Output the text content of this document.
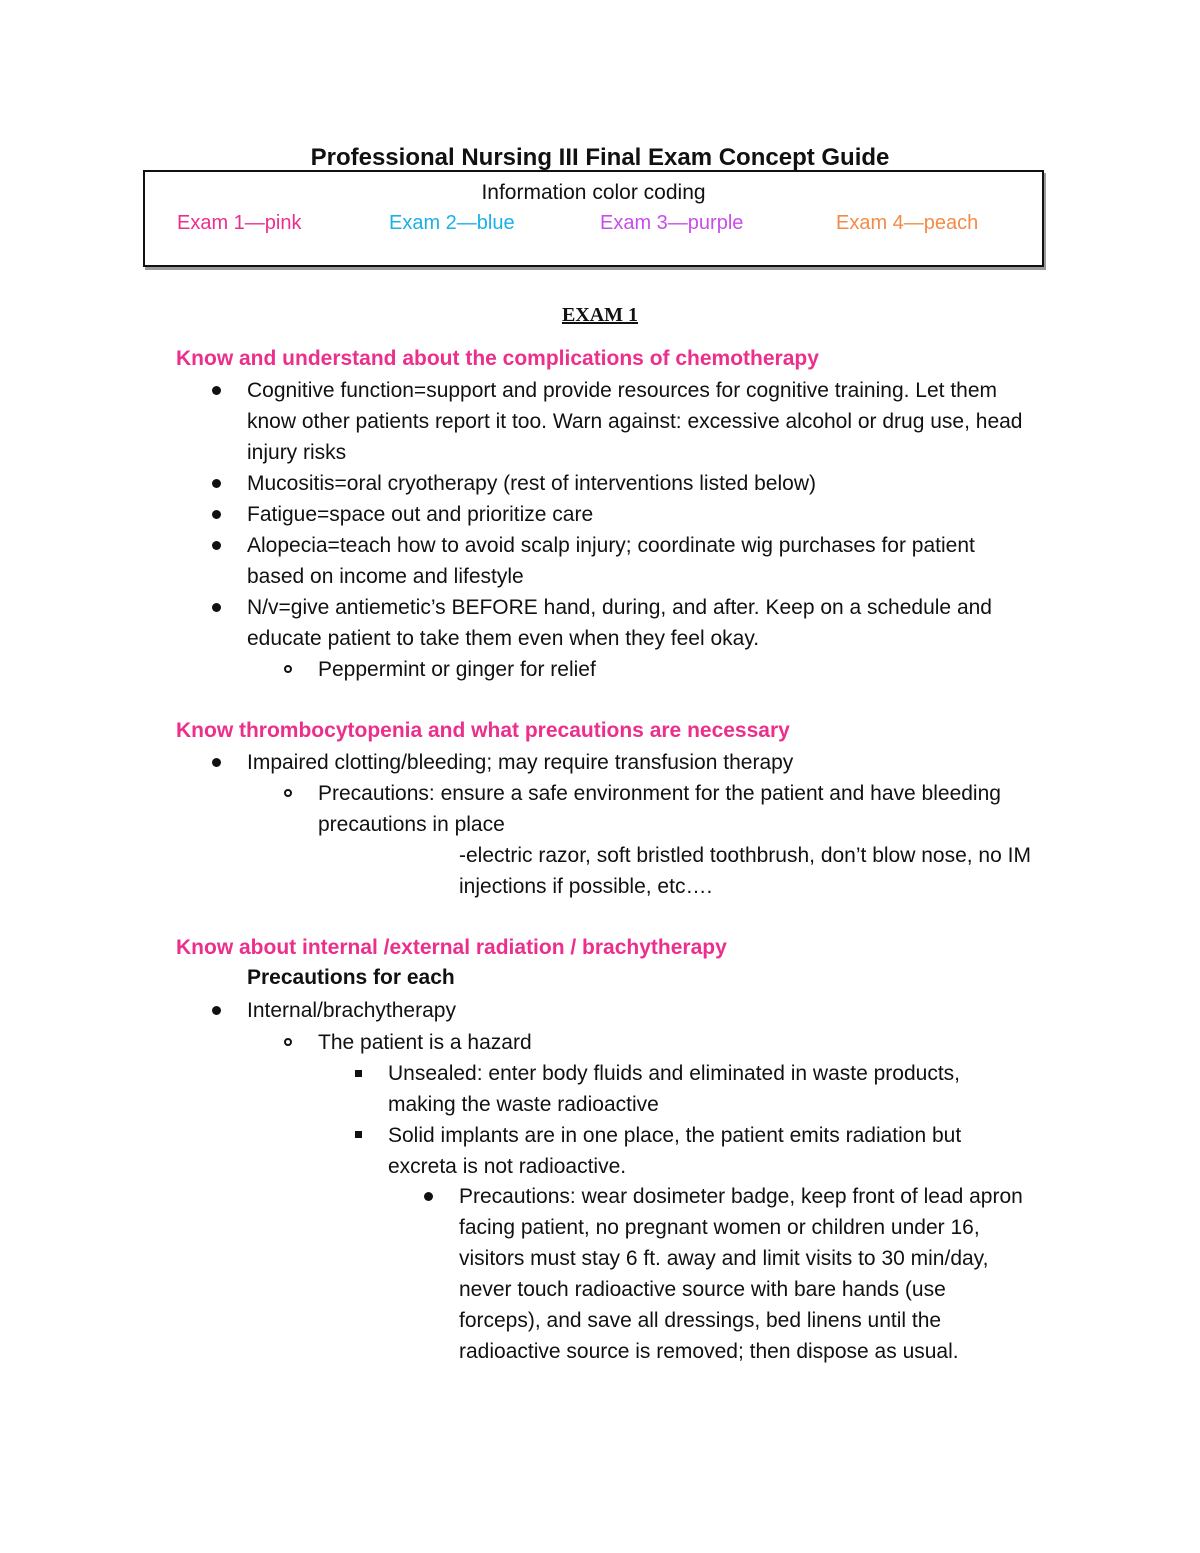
Professional Nursing III Final Exam Concept Guide
Information color coding
Exam 1—pink	Exam 2—blue	Exam 3—purple	Exam 4—peach
EXAM 1
Know and understand about the complications of chemotherapy
Cognitive function=support and provide resources for cognitive training. Let them know other patients report it too. Warn against: excessive alcohol or drug use, head injury risks
Mucositis=oral cryotherapy (rest of interventions listed below)
Fatigue=space out and prioritize care
Alopecia=teach how to avoid scalp injury; coordinate wig purchases for patient based on income and lifestyle
N/v=give antiemetic’s BEFORE hand, during, and after. Keep on a schedule and educate patient to take them even when they feel okay.
Peppermint or ginger for relief
Know thrombocytopenia and what precautions are necessary
Impaired clotting/bleeding; may require transfusion therapy
Precautions: ensure a safe environment for the patient and have bleeding precautions in place
-electric razor, soft bristled toothbrush, don’t blow nose, no IM injections if possible, etc….
Know about internal /external radiation / brachytherapy
Precautions for each
Internal/brachytherapy
The patient is a hazard
Unsealed: enter body fluids and eliminated in waste products, making the waste radioactive
Solid implants are in one place, the patient emits radiation but excreta is not radioactive.
Precautions: wear dosimeter badge, keep front of lead apron facing patient, no pregnant women or children under 16, visitors must stay 6 ft. away and limit visits to 30 min/day, never touch radioactive source with bare hands (use forceps), and save all dressings, bed linens until the radioactive source is removed; then dispose as usual.
